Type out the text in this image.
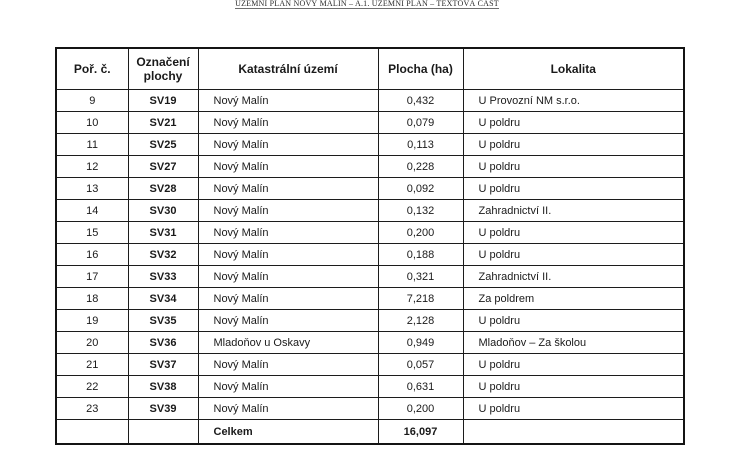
ÚZEMNÍ PLÁN NOVÝ MALÍN – A.1. ÚZEMNÍ PLÁN – TEXTOVÁ ČÁST
Poř. č.	Označení plochy	Katastrální území	Plocha (ha)	Lokalita
9	SV19	Nový Malín	0,432	U Provozní NM s.r.o.
10	SV21	Nový Malín	0,079	U poldru
11	SV25	Nový Malín	0,113	U poldru
12	SV27	Nový Malín	0,228	U poldru
13	SV28	Nový Malín	0,092	U poldru
14	SV30	Nový Malín	0,132	Zahradnictví II.
15	SV31	Nový Malín	0,200	U poldru
16	SV32	Nový Malín	0,188	U poldru
17	SV33	Nový Malín	0,321	Zahradnictví II.
18	SV34	Nový Malín	7,218	Za poldrem
19	SV35	Nový Malín	2,128	U poldru
20	SV36	Mladoňov u Oskavy	0,949	Mladoňov – Za školou
21	SV37	Nový Malín	0,057	U poldru
22	SV38	Nový Malín	0,631	U poldru
23	SV39	Nový Malín	0,200	U poldru
		Celkem	16,097	
